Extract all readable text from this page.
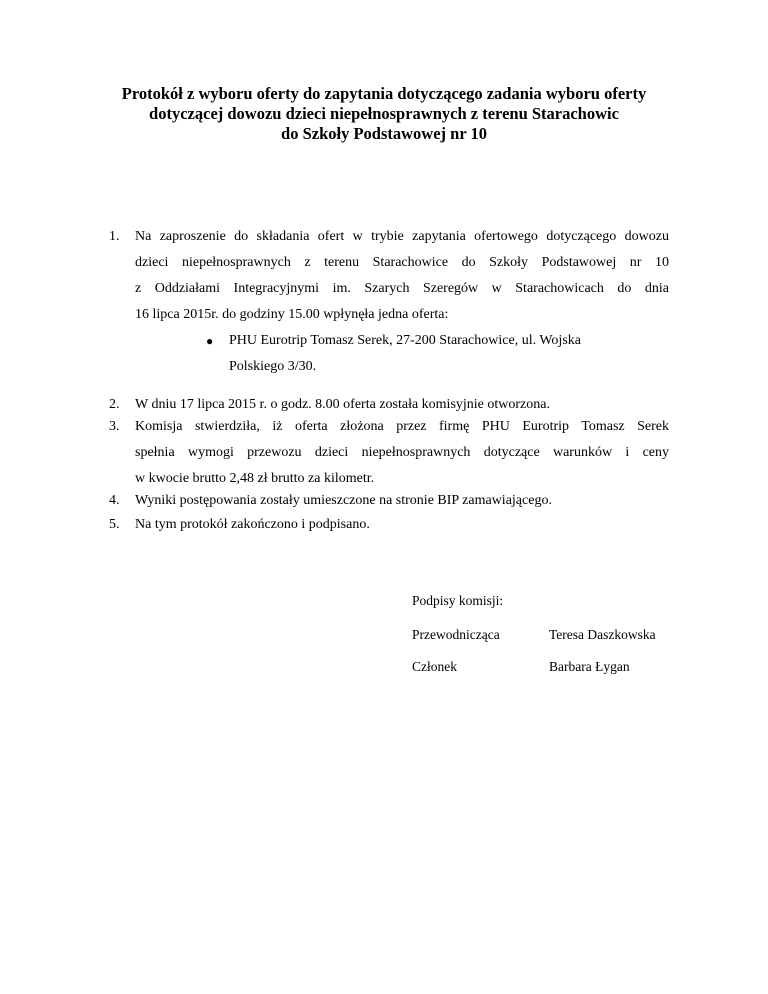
Protokół z wyboru oferty do zapytania dotyczącego zadania wyboru oferty
dotyczącej dowozu dzieci niepełnosprawnych z terenu Starachowic
do Szkoły Podstawowej nr 10
1.	Na zaproszenie do składania ofert w trybie zapytania ofertowego dotyczącego dowozu
dzieci niepełnosprawnych z terenu Starachowice do Szkoły Podstawowej nr 10
z Oddziałami Integracyjnymi im. Szarych Szeregów w Starachowicach do dnia
16 lipca 2015r. do godziny 15.00 wpłynęła jedna oferta:
● PHU Eurotrip Tomasz Serek, 27-200 Starachowice, ul. Wojska
Polskiego 3/30.
2.	W dniu 17 lipca 2015 r. o godz. 8.00 oferta została komisyjnie otworzona.
3.	Komisja stwierdziła, iż oferta złożona przez firmę PHU Eurotrip Tomasz Serek
spełnia wymogi przewozu dzieci niepełnosprawnych dotyczące warunków i ceny
w kwocie brutto 2,48 zł brutto za kilometr.
4.	Wyniki postępowania zostały umieszczone na stronie BIP zamawiającego.
5.	Na tym protokół zakończono i podpisano.
Podpisy komisji:
Przewodnicząca	Teresa Daszkowska
Członek	Barbara Łygan
